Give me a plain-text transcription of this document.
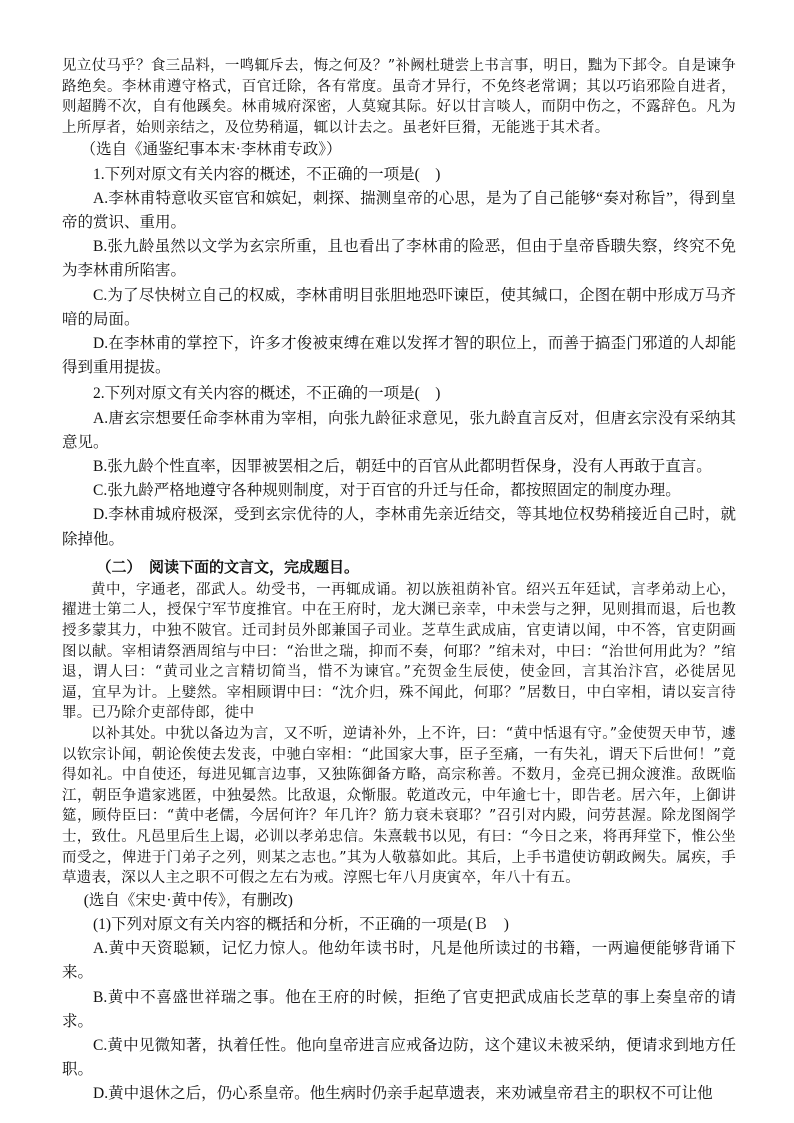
见立仗马乎？食三品料，一鸣辄斥去，悔之何及？”补阙杜琎尝上书言事，明日，黜为下邽令。自是谏争路绝矣。李林甫遵守格式，百官迁除，各有常度。虽奇才异行，不免终老常调；其以巧谄邪险自进者，则超腾不次，自有他蹊矣。林甫城府深密，人莫窥其际。好以甘言啖人，而阴中伤之，不露辞色。凡为上所厚者，始则亲结之，及位势稍逼，辄以计去之。虽老奸巨猾，无能逃于其术者。

（选自《通鉴纪事本末·李林甫专政》）

1.下列对原文有关内容的概述，不正确的一项是(　)

A.李林甫特意收买宦官和嫔妃，刺探、揣测皇帝的心思，是为了自己能够“奏对称旨”，得到皇帝的赏识、重用。

B.张九龄虽然以文学为玄宗所重，且也看出了李林甫的险恶，但由于皇帝昏聩失察，终究不免为李林甫所陷害。

C.为了尽快树立自己的权威，李林甫明目张胆地恐吓谏臣，使其缄口，企图在朝中形成万马齐喑的局面。

D.在李林甫的掌控下，许多才俊被束缚在难以发挥才智的职位上，而善于搞歪门邪道的人却能得到重用提拔。

2.下列对原文有关内容的概述，不正确的一项是(　)

A.唐玄宗想要任命李林甫为宰相，向张九龄征求意见，张九龄直言反对，但唐玄宗没有采纳其意见。

B.张九龄个性直率，因罪被罢相之后，朝廷中的百官从此都明哲保身，没有人再敢于直言。

C.张九龄严格地遵守各种规则制度，对于百官的升迁与任命，都按照固定的制度办理。

D.李林甫城府极深，受到玄宗优待的人，李林甫先亲近结交，等其地位权势稍接近自己时，就除掉他。

（二）　阅读下面的文言文，完成题目。

黄中，字通老，邵武人。幼受书，一再辄成诵。初以族祖荫补官。绍兴五年廷试，言孝弟动上心，擢进士第二人，授保宁军节度推官。中在王府时，龙大渊已亲幸，中未尝与之狎，见则揖而退，后也教授多蒙其力，中独不陂官。迁司封员外郎兼国子司业。芝草生武成庙，官吏请以闻，中不答，官吏阴画图以献。宰相请祭酒周绾与中曰：“治世之瑞，抑而不奏，何耶？”绾未对，中曰：“治世何用此为？”绾退，谓人曰：“黄司业之言精切简当，惜不为谏官。”充贺金生辰使，使金回，言其治汴宫，必徙居见逼，宜早为计。上嬖然。宰相顾谓中曰：“沈介归，殊不闻此，何耶？”居数日，中白宰相，请以妄言待罪。已乃除介吏部侍郎，徙中

以补其处。中犹以备边为言，又不听，逆请补外，上不许，曰：“黄中恬退有守。”金使贺天申节，遽以钦宗讣闻，朝论俟使去发丧，中驰白宰相：“此国家大事，臣子至痛，一有失礼，谓天下后世何！”竟得如礼。中自使还，每进见辄言边事，又独陈御备方略，高宗称善。不数月，金亮已拥众渡淮。敌既临江，朝臣争遣家逃匿，中独晏然。比敌退，众惭服。乾道改元，中年逾七十，即告老。居六年，上御讲筵，顾侍臣曰：“黄中老儒，今居何许？年几许？筋力衰未衰耶？”召引对内殿，问劳甚渥。除龙图阁学士，致仕。凡邑里后生上谒，必训以孝弟忠信。朱熹载书以见，有曰：“今日之来，将再拜堂下，惟公坐而受之，俾进于门弟子之列，则某之志也。”其为人敬慕如此。其后，上手书遣使访朝政阙失。属疾，手草遗表，深以人主之职不可假之左右为戒。淳熙七年八月庚寅卒，年八十有五。

(选自《宋史·黄中传》，有删改)

(1)下列对原文有关内容的概括和分析，不正确的一项是(Ｂ　)

A.黄中天资聪颖，记忆力惊人。他幼年读书时，凡是他所读过的书籍，一两遍便能够背诵下来。

B.黄中不喜盛世祥瑞之事。他在王府的时候，拒绝了官吏把武成庙长芝草的事上奏皇帝的请求。

C.黄中见微知著，执着任性。他向皇帝进言应戒备边防，这个建议未被采纳，便请求到地方任职。

D.黄中退休之后，仍心系皇帝。他生病时仍亲手起草遗表，来劝诫皇帝君主的职权不可让他
